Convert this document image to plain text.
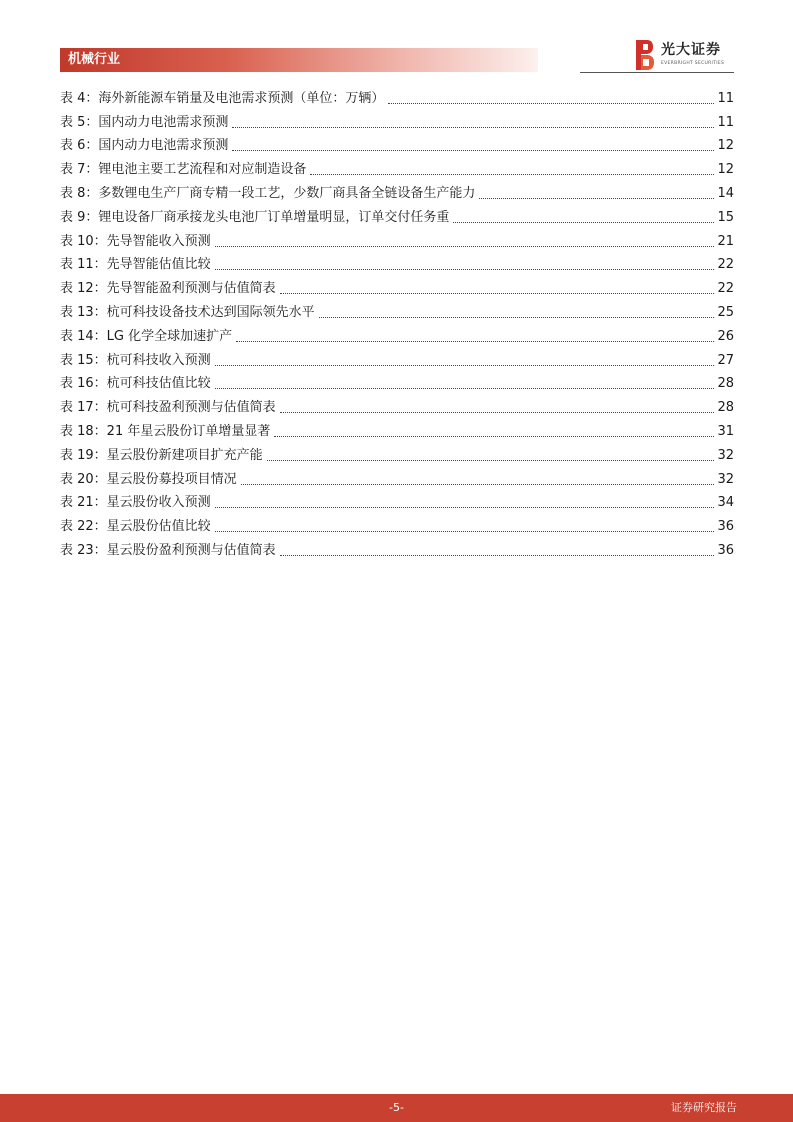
机械行业
光大证券
EVERBRIGHT SECURITIES
表 4：海外新能源车销量及电池需求预测（单位：万辆）	11
表 5：国内动力电池需求预测	11
表 6：国内动力电池需求预测	12
表 7：锂电池主要工艺流程和对应制造设备	12
表 8：多数锂电生产厂商专精一段工艺，少数厂商具备全链设备生产能力	14
表 9：锂电设备厂商承接龙头电池厂订单增量明显，订单交付任务重	15
表 10：先导智能收入预测	21
表 11：先导智能估值比较	22
表 12：先导智能盈利预测与估值简表	22
表 13：杭可科技设备技术达到国际领先水平	25
表 14：LG 化学全球加速扩产	26
表 15：杭可科技收入预测	27
表 16：杭可科技估值比较	28
表 17：杭可科技盈利预测与估值简表	28
表 18：21 年星云股份订单增量显著	31
表 19：星云股份新建项目扩充产能	32
表 20：星云股份募投项目情况	32
表 21：星云股份收入预测	34
表 22：星云股份估值比较	36
表 23：星云股份盈利预测与估值简表	36
-5-	证券研究报告
